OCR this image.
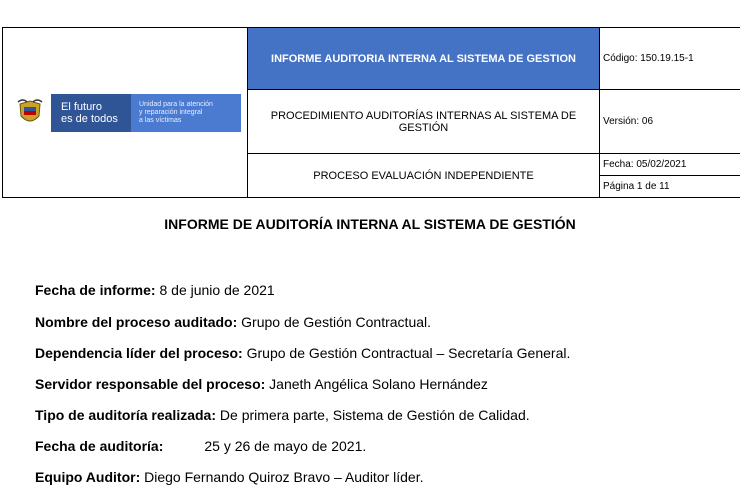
El futuro
es de todos
Unidad para la atención
y reparación integral
a las víctimas	INFORME AUDITORIA INTERNA AL SISTEMA DE GESTION	Código: 150.19.15-1
	PROCEDIMIENTO AUDITORÍAS INTERNAS AL SISTEMA DE GESTIÓN	Versión: 06
	PROCESO EVALUACIÓN INDEPENDIENTE	Fecha: 05/02/2021
Página 1 de 11
INFORME DE AUDITORÍA INTERNA AL SISTEMA DE GESTIÓN
Fecha de informe: 8 de junio de 2021
Nombre del proceso auditado: Grupo de Gestión Contractual.
Dependencia líder del proceso: Grupo de Gestión Contractual – Secretaría General.
Servidor responsable del proceso: Janeth Angélica Solano Hernández
Tipo de auditoría realizada: De primera parte, Sistema de Gestión de Calidad.
Fecha de auditoría:	25 y 26 de mayo de 2021.
Equipo Auditor: Diego Fernando Quiroz Bravo – Auditor líder.
